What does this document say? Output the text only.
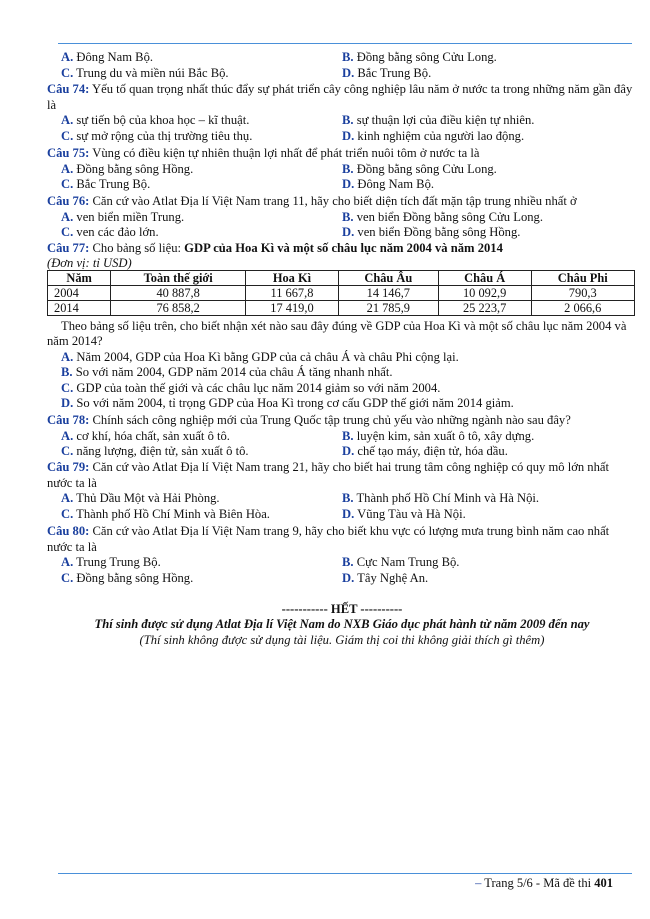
A. Đông Nam Bộ.	B. Đồng bằng sông Cửu Long.
C. Trung du và miền núi Bắc Bộ.	D. Bắc Trung Bộ.
Câu 74: Yếu tố quan trọng nhất thúc đẩy sự phát triển cây công nghiệp lâu năm ở nước ta trong những năm gần đây là
A. sự tiến bộ của khoa học – kĩ thuật.	B. sự thuận lợi của điều kiện tự nhiên.
C. sự mở rộng của thị trường tiêu thụ.	D. kinh nghiệm của người lao động.
Câu 75: Vùng có điều kiện tự nhiên thuận lợi nhất để phát triển nuôi tôm ở nước ta là
A. Đồng bằng sông Hồng.	B. Đồng bằng sông Cửu Long.
C. Bắc Trung Bộ.	D. Đông Nam Bộ.
Câu 76: Căn cứ vào Atlat Địa lí Việt Nam trang 11, hãy cho biết diện tích đất mặn tập trung nhiều nhất ở
A. ven biển miền Trung.	B. ven biển Đồng bằng sông Cửu Long.
C. ven các đảo lớn.	D. ven biển Đồng bằng sông Hồng.
Câu 77: Cho bảng số liệu: GDP của Hoa Kì và một số châu lục năm 2004 và năm 2014
(Đơn vị: tỉ USD)
Năm	Toàn thế giới	Hoa Kì	Châu Âu	Châu Á	Châu Phi
2004	40 887,8	11 667,8	14 146,7	10 092,9	790,3
2014	76 858,2	17 419,0	21 785,9	25 223,7	2 066,6
Theo bảng số liệu trên, cho biết nhận xét nào sau đây đúng về GDP của Hoa Kì và một số châu lục năm 2004 và năm 2014?
A. Năm 2004, GDP của Hoa Kì bằng GDP của cả châu Á và châu Phi cộng lại.
B. So với năm 2004, GDP năm 2014 của châu Á tăng nhanh nhất.
C. GDP của toàn thế giới và các châu lục năm 2014 giảm so với năm 2004.
D. So với năm 2004, tỉ trọng GDP của Hoa Kì trong cơ cấu GDP thế giới năm 2014 giảm.
Câu 78: Chính sách công nghiệp mới của Trung Quốc tập trung chủ yếu vào những ngành nào sau đây?
A. cơ khí, hóa chất, sản xuất ô tô.	B. luyện kim, sản xuất ô tô, xây dựng.
C. năng lượng, điện tử, sản xuất ô tô.	D. chế tạo máy, điện tử, hóa dầu.
Câu 79: Căn cứ vào Atlat Địa lí Việt Nam trang 21, hãy cho biết hai trung tâm công nghiệp có quy mô lớn nhất nước ta là
A. Thủ Dầu Một và Hải Phòng.	B. Thành phố Hồ Chí Minh và Hà Nội.
C. Thành phố Hồ Chí Minh và Biên Hòa.	D. Vũng Tàu và Hà Nội.
Câu 80: Căn cứ vào Atlat Địa lí Việt Nam trang 9, hãy cho biết khu vực có lượng mưa trung bình năm cao nhất nước ta là
A. Trung Trung Bộ.	B. Cực Nam Trung Bộ.
C. Đồng bằng sông Hồng.	D. Tây Nghệ An.
----------- HẾT ----------
Thí sinh được sử dụng Atlat Địa lí Việt Nam do NXB Giáo dục phát hành từ năm 2009 đến nay
(Thí sinh không được sử dụng tài liệu. Giám thị coi thi không giải thích gì thêm)
– Trang 5/6 - Mã đề thi 401
